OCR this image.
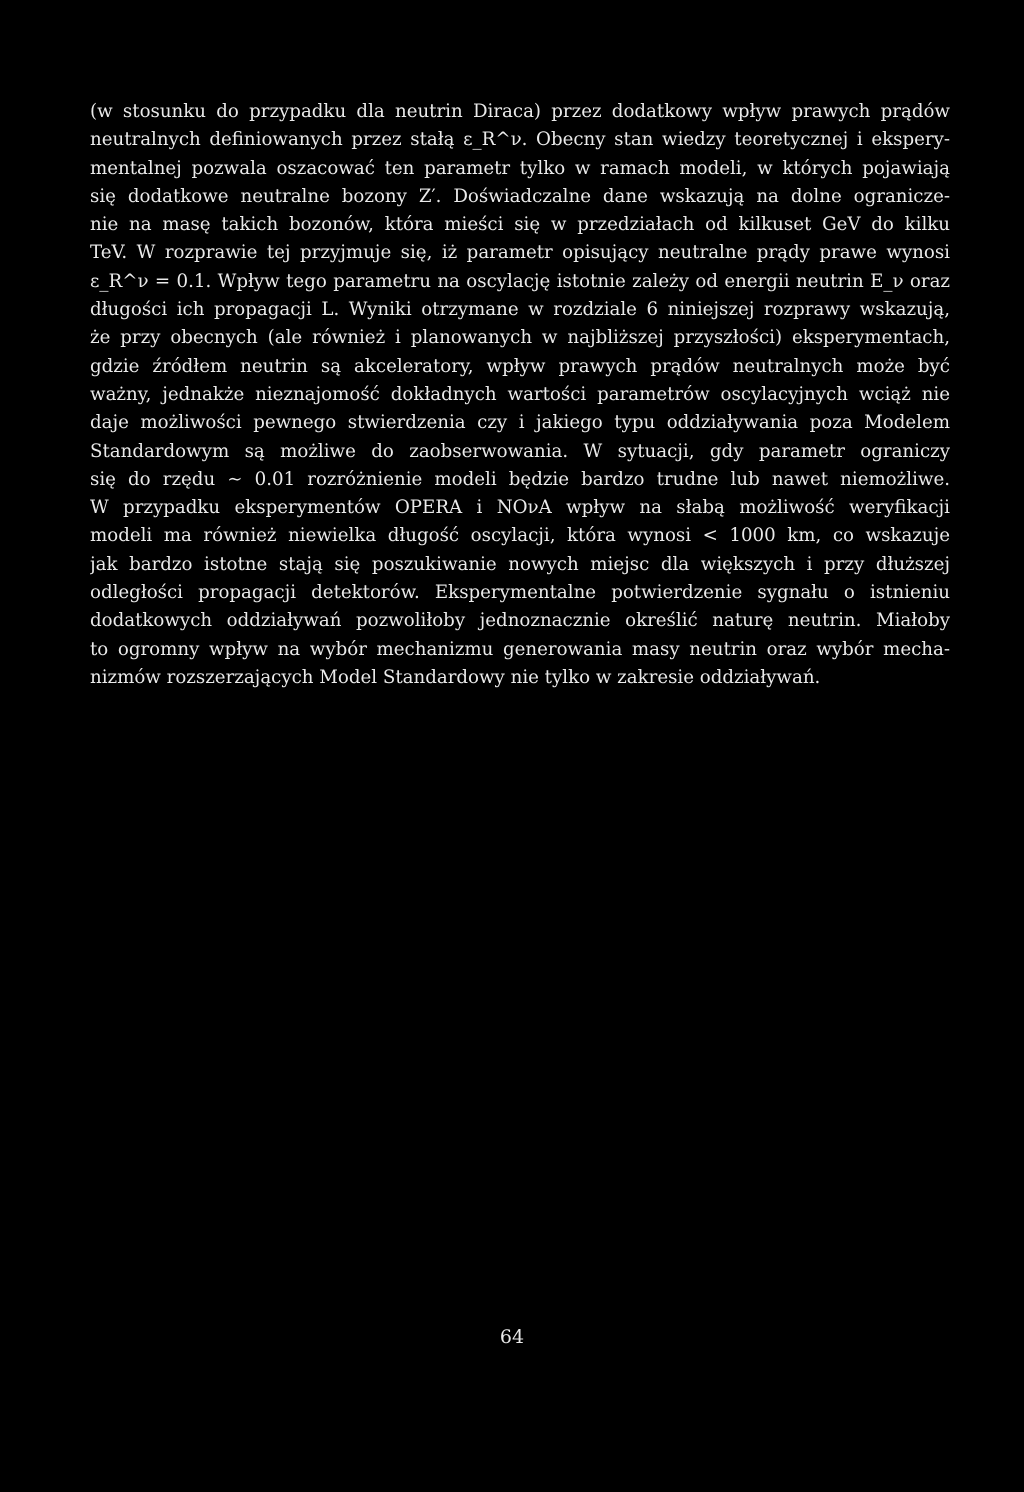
(w stosunku do przypadku dla neutrin Diraca) przez dodatkowy wpływ prawych prądów
neutralnych definiowanych przez stałą ε_R^ν. Obecny stan wiedzy teoretycznej i ekspery-
mentalnej pozwala oszacować ten parametr tylko w ramach modeli, w których pojawiają
się dodatkowe neutralne bozony Z′. Doświadczalne dane wskazują na dolne ogranicze-
nie na masę takich bozonów, która mieści się w przedziałach od kilkuset GeV do kilku
TeV. W rozprawie tej przyjmuje się, iż parametr opisujący neutralne prądy prawe wynosi
ε_R^ν = 0.1. Wpływ tego parametru na oscylację istotnie zależy od energii neutrin E_ν oraz
długości ich propagacji L. Wyniki otrzymane w rozdziale 6 niniejszej rozprawy wskazują,
że przy obecnych (ale również i planowanych w najbliższej przyszłości) eksperymentach,
gdzie źródłem neutrin są akceleratory, wpływ prawych prądów neutralnych może być
ważny, jednakże nieznajomość dokładnych wartości parametrów oscylacyjnych wciąż nie
daje możliwości pewnego stwierdzenia czy i jakiego typu oddziaływania poza Modelem
Standardowym są możliwe do zaobserwowania. W sytuacji, gdy parametr ograniczy
się do rzędu ∼ 0.01 rozróżnienie modeli będzie bardzo trudne lub nawet niemożliwe.
W przypadku eksperymentów OPERA i NOνA wpływ na słabą możliwość weryfikacji
modeli ma również niewielka długość oscylacji, która wynosi < 1000 km, co wskazuje
jak bardzo istotne stają się poszukiwanie nowych miejsc dla większych i przy dłuższej
odległości propagacji detektorów. Eksperymentalne potwierdzenie sygnału o istnieniu
dodatkowych oddziaływań pozwoliłoby jednoznacznie określić naturę neutrin. Miałoby
to ogromny wpływ na wybór mechanizmu generowania masy neutrin oraz wybór mecha-
nizmów rozszerzających Model Standardowy nie tylko w zakresie oddziaływań.
64
